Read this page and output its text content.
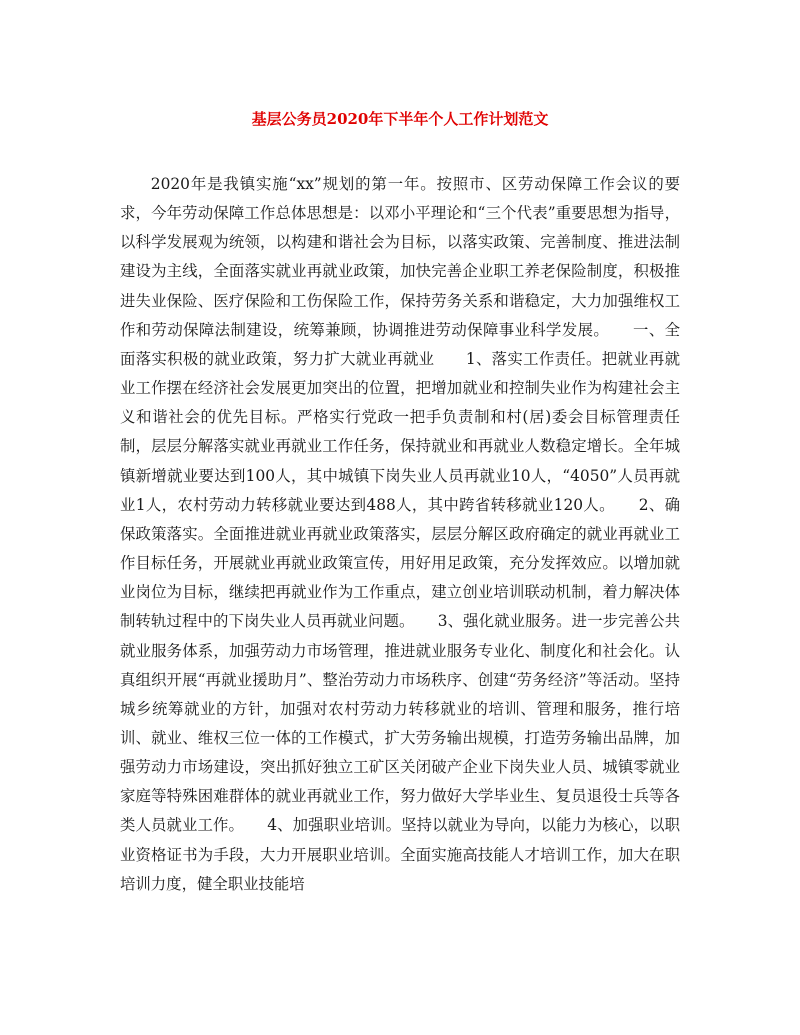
基层公务员2020年下半年个人工作计划范文

2020年是我镇实施“xx”规划的第一年。按照市、区劳动保障工作会议的要求，今年劳动保障工作总体思想是：以邓小平理论和“三个代表”重要思想为指导，以科学发展观为统领，以构建和谐社会为目标，以落实政策、完善制度、推进法制建设为主线，全面落实就业再就业政策，加快完善企业职工养老保险制度，积极推进失业保险、医疗保险和工伤保险工作，保持劳务关系和谐稳定，大力加强维权工作和劳动保障法制建设，统筹兼顾，协调推进劳动保障事业科学发展。　　一、全面落实积极的就业政策，努力扩大就业再就业　　1、落实工作责任。把就业再就业工作摆在经济社会发展更加突出的位置，把增加就业和控制失业作为构建社会主义和谐社会的优先目标。严格实行党政一把手负责制和村(居)委会目标管理责任制，层层分解落实就业再就业工作任务，保持就业和再就业人数稳定增长。全年城镇新增就业要达到100人，其中城镇下岗失业人员再就业10人，“4050”人员再就业1人，农村劳动力转移就业要达到488人，其中跨省转移就业120人。　　2、确保政策落实。全面推进就业再就业政策落实，层层分解区政府确定的就业再就业工作目标任务，开展就业再就业政策宣传，用好用足政策，充分发挥效应。以增加就业岗位为目标，继续把再就业作为工作重点，建立创业培训联动机制，着力解决体制转轨过程中的下岗失业人员再就业问题。　　3、强化就业服务。进一步完善公共就业服务体系，加强劳动力市场管理，推进就业服务专业化、制度化和社会化。认真组织开展“再就业援助月”、整治劳动力市场秩序、创建“劳务经济”等活动。坚持城乡统筹就业的方针，加强对农村劳动力转移就业的培训、管理和服务，推行培训、就业、维权三位一体的工作模式，扩大劳务输出规模，打造劳务输出品牌，加强劳动力市场建设，突出抓好独立工矿区关闭破产企业下岗失业人员、城镇零就业家庭等特殊困难群体的就业再就业工作，努力做好大学毕业生、复员退役士兵等各类人员就业工作。　　4、加强职业培训。坚持以就业为导向，以能力为核心，以职业资格证书为手段，大力开展职业培训。全面实施高技能人才培训工作，加大在职培训力度，健全职业技能培
